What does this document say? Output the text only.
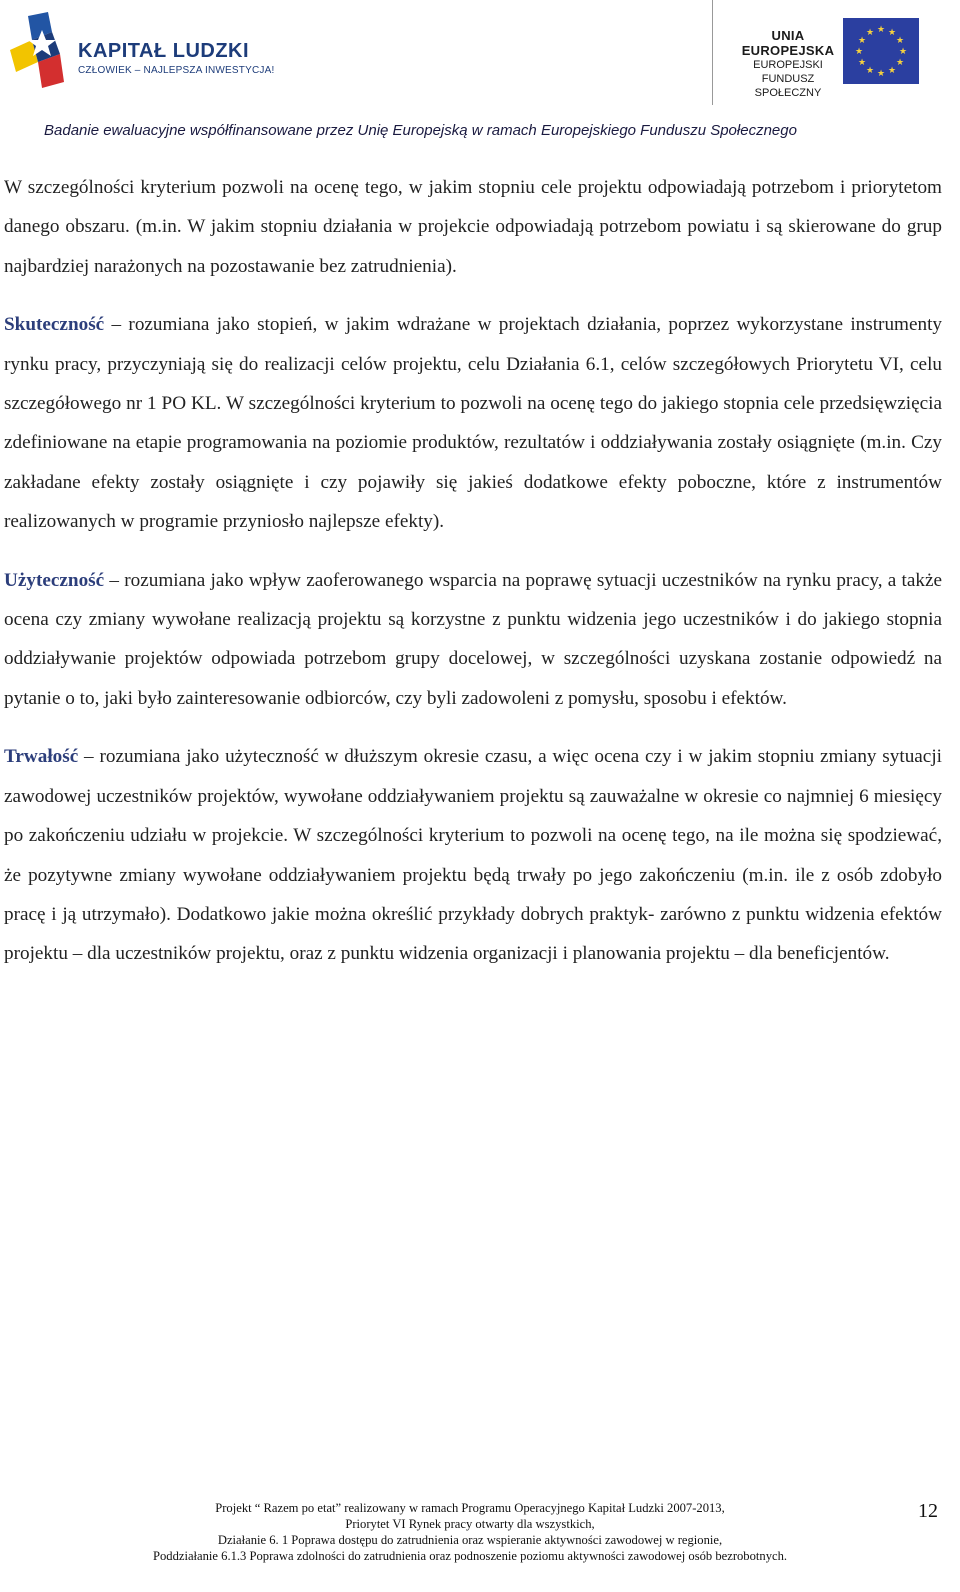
KAPITAŁ LUDZKI
CZŁOWIEK – NAJLEPSZA INWESTYCJA!
UNIA EUROPEJSKA
EUROPEJSKI
FUNDUSZ SPOŁECZNY
★ ★
★
★
★
★
★
★
★
★
★
★
Badanie ewaluacyjne współfinansowane przez Unię Europejską w ramach Europejskiego Funduszu Społecznego

W szczególności kryterium pozwoli na ocenę tego, w jakim stopniu cele projektu odpowiadają potrzebom i priorytetom danego obszaru. (m.in. W jakim stopniu działania w projekcie odpowiadają potrzebom powiatu i są skierowane do grup najbardziej narażonych na pozostawanie bez zatrudnienia).

Skuteczność – rozumiana jako stopień, w jakim wdrażane w projektach działania, poprzez wykorzystane instrumenty rynku pracy, przyczyniają się do realizacji celów projektu, celu Działania 6.1, celów szczegółowych Priorytetu VI, celu szczegółowego nr 1 PO KL. W szczególności kryterium to pozwoli na ocenę tego do jakiego stopnia cele przedsięwzięcia zdefiniowane na etapie programowania na poziomie produktów, rezultatów i oddziaływania zostały osiągnięte (m.in. Czy zakładane efekty zostały osiągnięte i czy pojawiły się jakieś dodatkowe efekty poboczne, które z instrumentów realizowanych w programie przyniosło najlepsze efekty).

Użyteczność – rozumiana jako wpływ zaoferowanego wsparcia na poprawę sytuacji uczestników na rynku pracy, a także ocena czy zmiany wywołane realizacją projektu są korzystne z punktu widzenia jego uczestników i do jakiego stopnia oddziaływanie projektów odpowiada potrzebom grupy docelowej, w szczególności uzyskana zostanie odpowiedź na pytanie o to, jaki było zainteresowanie odbiorców, czy byli zadowoleni z pomysłu, sposobu i efektów.

Trwałość – rozumiana jako użyteczność w dłuższym okresie czasu, a więc ocena czy i w jakim stopniu zmiany sytuacji zawodowej uczestników projektów, wywołane oddziaływaniem projektu są zauważalne w okresie co najmniej 6 miesięcy po zakończeniu udziału w projekcie. W szczególności kryterium to pozwoli na ocenę tego, na ile można się spodziewać, że pozytywne zmiany wywołane oddziaływaniem projektu będą trwały po jego zakończeniu (m.in. ile z osób zdobyło pracę i ją utrzymało). Dodatkowo jakie można określić przykłady dobrych praktyk- zarówno z punktu widzenia efektów projektu – dla uczestników projektu, oraz z punktu widzenia organizacji i planowania projektu – dla beneficjentów.

Projekt “ Razem po etat” realizowany w ramach Programu Operacyjnego Kapitał Ludzki 2007-2013,
Priorytet VI Rynek pracy otwarty dla wszystkich,
Działanie 6. 1 Poprawa dostępu do zatrudnienia oraz wspieranie aktywności zawodowej w regionie,
Poddziałanie 6.1.3 Poprawa zdolności do zatrudnienia oraz podnoszenie poziomu aktywności zawodowej osób bezrobotnych.
12
